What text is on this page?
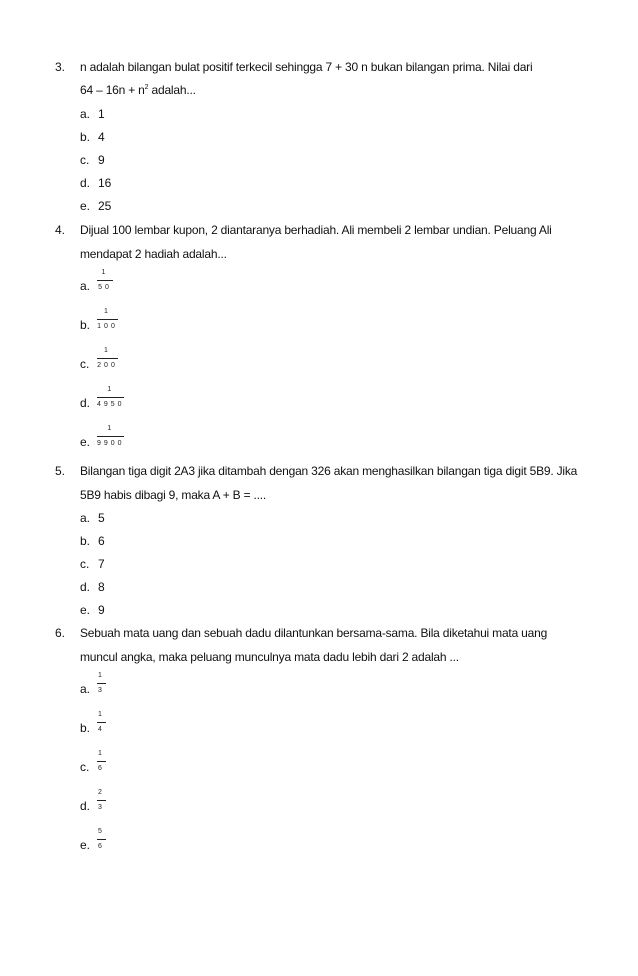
3.	n adalah bilangan bulat positif terkecil sehingga 7 + 30 n bukan bilangan prima. Nilai dari
$64 - 16n + n^2$ adalah...
a. 1
b. 4
c. 9
d. 16
e. 25
4.	Dijual 100 lembar kupon, 2 diantaranya berhadiah. Ali membeli 2 lembar undian. Peluang Ali
mendapat 2 hadiah adalah...
a.
1
50
b.
1
100
c.
1
200
d.
1
4950
e.
1
9900
5.	Bilangan tiga digit 2A3 jika ditambah dengan 326 akan menghasilkan bilangan tiga digit 5B9. Jika
5B9 habis dibagi 9, maka A + B = ....
a. 5
b. 6
c. 7
d. 8
e. 9
6.	Sebuah mata uang dan sebuah dadu dilantunkan bersama-sama. Bila diketahui mata uang
muncul angka, maka peluang munculnya mata dadu lebih dari 2 adalah ...
a.
1
3
b.
1
4
c.
1
6
d.
2
3
e.
5
6
